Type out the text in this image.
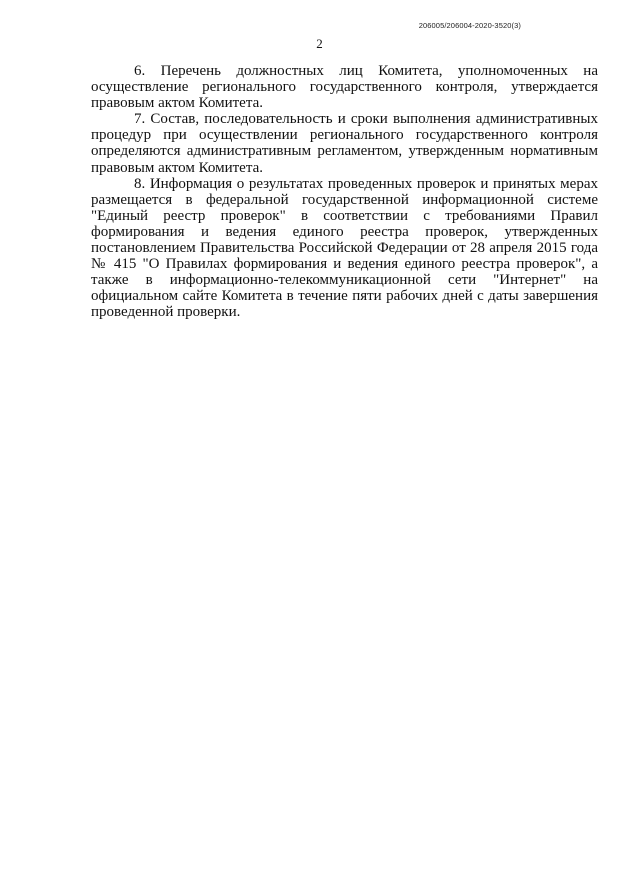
206005/206004-2020-3520(3)
2

6. Перечень должностных лиц Комитета, уполномоченных на осуществление регионального государственного контроля, утверждается правовым актом Комитета.

7. Состав, последовательность и сроки выполнения административных процедур при осуществлении регионального государственного контроля определяются административным регламентом, утвержденным нормативным правовым актом Комитета.

8. Информация о результатах проведенных проверок и принятых мерах размещается в федеральной государственной информационной системе "Единый реестр проверок" в соответствии с требованиями Правил формирования и ведения единого реестра проверок, утвержденных постановлением Правительства Российской Федерации от 28 апреля 2015 года № 415 "О Правилах формирования и ведения единого реестра проверок", а также в информационно-телекоммуникационной сети "Интернет" на официальном сайте Комитета в течение пяти рабочих дней с даты завершения проведенной проверки.
